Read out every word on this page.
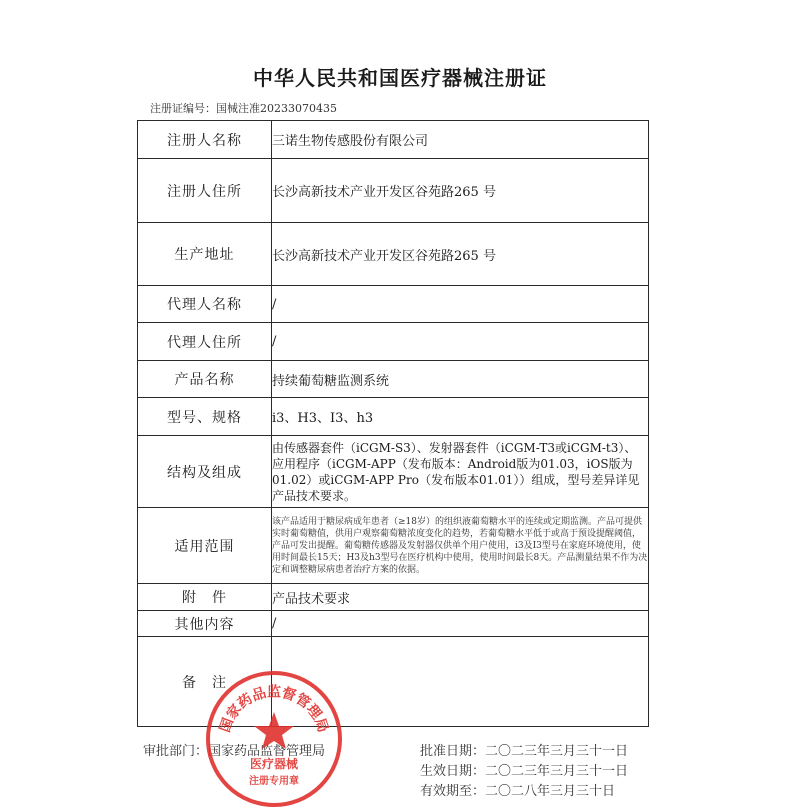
中华人民共和国医疗器械注册证
注册证编号：国械注准20233070435
注册人名称	三诺生物传感股份有限公司
注册人住所	长沙高新技术产业开发区谷苑路265 号
生产地址	长沙高新技术产业开发区谷苑路265 号
代理人名称	/
代理人住所	/
产品名称	持续葡萄糖监测系统
型号、规格	i3、H3、I3、h3
结构及组成	由传感器套件（iCGM-S3）、发射器套件（iCGM-T3或iCGM-t3）、应用程序（iCGM-APP（发布版本：Android版为01.03，iOS版为01.02）或iCGM-APP Pro（发布版本01.01））组成，型号差异详见产品技术要求。
适用范围	该产品适用于糖尿病成年患者（≥18岁）的组织液葡萄糖水平的连续或定期监测。产品可提供实时葡萄糖值，供用户观察葡萄糖浓度变化的趋势，若葡萄糖水平低于或高于预设提醒阈值，产品可发出提醒。葡萄糖传感器及发射器仅供单个用户使用，i3及I3型号在家庭环境使用，使用时间最长15天；H3及h3型号在医疗机构中使用，使用时间最长8天。产品测量结果不作为决定和调整糖尿病患者治疗方案的依据。
附　件	产品技术要求
其他内容	/
备　注	
审批部门：国家药品监督管理局	批准日期：二〇二三年三月三十一日
生效日期：二〇二三年三月三十一日
有效期至：二〇二八年三月三十日
国家药品监督管理局
医疗器械
注册专用章
